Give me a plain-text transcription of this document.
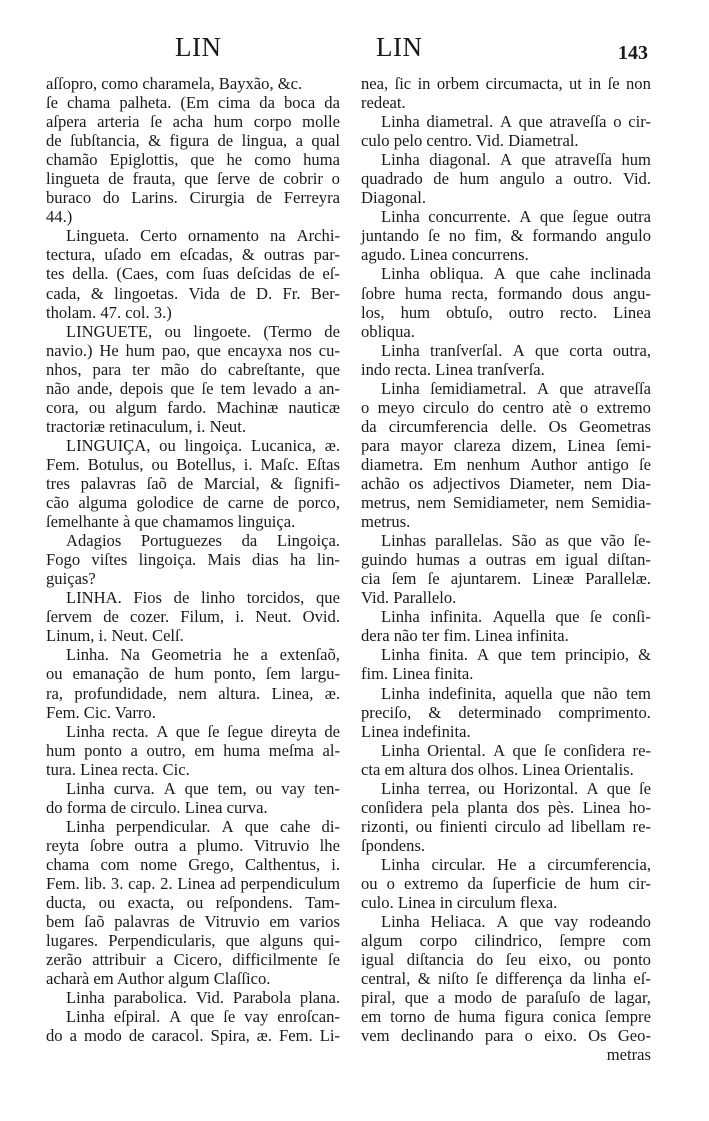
LIN	LIN	143
aſſopro, como charamela, Bayxão, &c.
ſe chama palheta. (Em cima da boca da
aſpera arteria ſe acha hum corpo molle
de ſubſtancia, & figura de lingua, a qual
chamão Epiglottis, que he como huma
lingueta de frauta, que ſerve de cobrir o
buraco do Larins. Cirurgia de Ferreyra
44.)
Lingueta. Certo ornamento na Archi-
tectura, uſado em eſcadas, & outras par-
tes della. (Caes, com ſuas deſcidas de eſ-
cada, & lingoetas. Vida de D. Fr. Ber-
tholam. 47. col. 3.)
LINGUETE, ou lingoete. (Termo de
navio.) He hum pao, que encayxa nos cu-
nhos, para ter mão do cabreſtante, que
não ande, depois que ſe tem levado a an-
cora, ou algum fardo. Machinæ nauticæ
tractoriæ retinaculum, i. Neut.
LINGUIÇA, ou lingoiça. Lucanica, æ.
Fem. Botulus, ou Botellus, i. Maſc. Eſtas
tres palavras ſaõ de Marcial, & ſignifi-
cão alguma golodice de carne de porco,
ſemelhante à que chamamos linguiça.
Adagios Portuguezes da Lingoiça.
Fogo viſtes lingoiça. Mais dias ha lin-
guiças?
LINHA. Fios de linho torcidos, que
ſervem de cozer. Filum, i. Neut. Ovid.
Linum, i. Neut. Celſ.
Linha. Na Geometria he a extenſaõ,
ou emanação de hum ponto, ſem largu-
ra, profundidade, nem altura. Linea, æ.
Fem. Cic. Varro.
Linha recta. A que ſe ſegue direyta de
hum ponto a outro, em huma meſma al-
tura. Linea recta. Cic.
Linha curva. A que tem, ou vay ten-
do forma de circulo. Linea curva.
Linha perpendicular. A que cahe di-
reyta ſobre outra a plumo. Vitruvio lhe
chama com nome Grego, Calthentus, i.
Fem. lib. 3. cap. 2. Linea ad perpendiculum
ducta, ou exacta, ou reſpondens. Tam-
bem ſaõ palavras de Vitruvio em varios
lugares. Perpendicularis, que alguns qui-
zerão attribuir a Cicero, difficilmente ſe
acharà em Author algum Claſſico.
Linha parabolica. Vid. Parabola plana.
Linha eſpiral. A que ſe vay enroſcan-
do a modo de caracol. Spira, æ. Fem. Li-
nea, ſic in orbem circumacta, ut in ſe non
redeat.
Linha diametral. A que atraveſſa o cir-
culo pelo centro. Vid. Diametral.
Linha diagonal. A que atraveſſa hum
quadrado de hum angulo a outro. Vid.
Diagonal.
Linha concurrente. A que ſegue outra
juntando ſe no fim, & formando angulo
agudo. Linea concurrens.
Linha obliqua. A que cahe inclinada
ſobre huma recta, formando dous angu-
los, hum obtuſo, outro recto. Linea
obliqua.
Linha tranſverſal. A que corta outra,
indo recta. Linea tranſverſa.
Linha ſemidiametral. A que atraveſſa
o meyo circulo do centro atè o extremo
da circumferencia delle. Os Geometras
para mayor clareza dizem, Linea ſemi-
diametra. Em nenhum Author antigo ſe
achão os adjectivos Diameter, nem Dia-
metrus, nem Semidiameter, nem Semidia-
metrus.
Linhas parallelas. São as que vão ſe-
guindo humas a outras em igual diſtan-
cia ſem ſe ajuntarem. Lineæ Parallelæ.
Vid. Parallelo.
Linha infinita. Aquella que ſe conſi-
dera não ter fim. Linea infinita.
Linha finita. A que tem principio, &
fim. Linea finita.
Linha indefinita, aquella que não tem
preciſo, & determinado comprimento.
Linea indefinita.
Linha Oriental. A que ſe conſidera re-
cta em altura dos olhos. Linea Orientalis.
Linha terrea, ou Horizontal. A que ſe
conſidera pela planta dos pès. Linea ho-
rizonti, ou finienti circulo ad libellam re-
ſpondens.
Linha circular. He a circumferencia,
ou o extremo da ſuperficie de hum cir-
culo. Linea in circulum flexa.
Linha Heliaca. A que vay rodeando
algum corpo cilindrico, ſempre com
igual diſtancia do ſeu eixo, ou ponto
central, & niſto ſe differença da linha eſ-
piral, que a modo de paraſuſo de lagar,
em torno de huma figura conica ſempre
vem declinando para o eixo. Os Geo-
metras
